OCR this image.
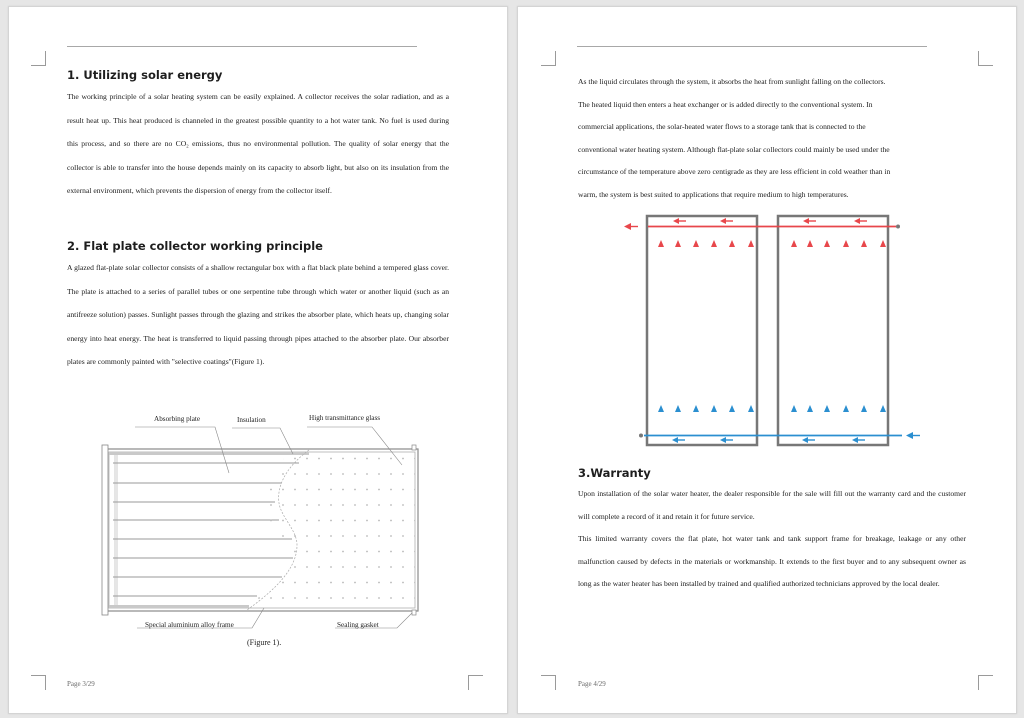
1. Utilizing solar energy

The working principle of a solar heating system can be easily explained. A collector receives the solar radiation, and as a result heat up. This heat produced is channeled in the greatest possible quantity to a hot water tank. No fuel is used during this process, and so there are no CO₂ emissions, thus no environmental pollution. The quality of solar energy that the collector is able to transfer into the house depends mainly on its capacity to absorb light, but also on its insulation from the external environment, which prevents the dispersion of energy from the collector itself.

2. Flat plate collector working principle

A glazed flat-plate solar collector consists of a shallow rectangular box with a flat black plate behind a tempered glass cover. The plate is attached to a series of parallel tubes or one serpentine tube through which water or another liquid (such as an antifreeze solution) passes. Sunlight passes through the glazing and strikes the absorber plate, which heats up, changing solar energy into heat energy. The heat is transferred to liquid passing through pipes attached to the absorber plate. Our absorber plates are commonly painted with "selective coatings"(Figure 1).

Absorbing plate	Insulation	High transmittance glass
Special aluminium alloy frame	Sealing gasket
(Figure 1).
Page 3/29

As the liquid circulates through the system, it absorbs the heat from sunlight falling on the collectors.
The heated liquid then enters a heat exchanger or is added directly to the conventional system. In
commercial applications, the solar-heated water flows to a storage tank that is connected to the
conventional water heating system. Although flat-plate solar collectors could mainly be used under the
circumstance of the temperature above zero centigrade as they are less efficient in cold weather than in
warm, the system is best suited to applications that require medium to high temperatures.

3.Warranty

Upon installation of the solar water heater, the dealer responsible for the sale will fill out the warranty card and the customer will complete a record of it and retain it for future service.

This limited warranty covers the flat plate, hot water tank and tank support frame for breakage, leakage or any other malfunction caused by defects in the materials or workmanship. It extends to the first buyer and to any subsequent owner as long as the water heater has been installed by trained and qualified authorized technicians approved by the local dealer.

Page 4/29
